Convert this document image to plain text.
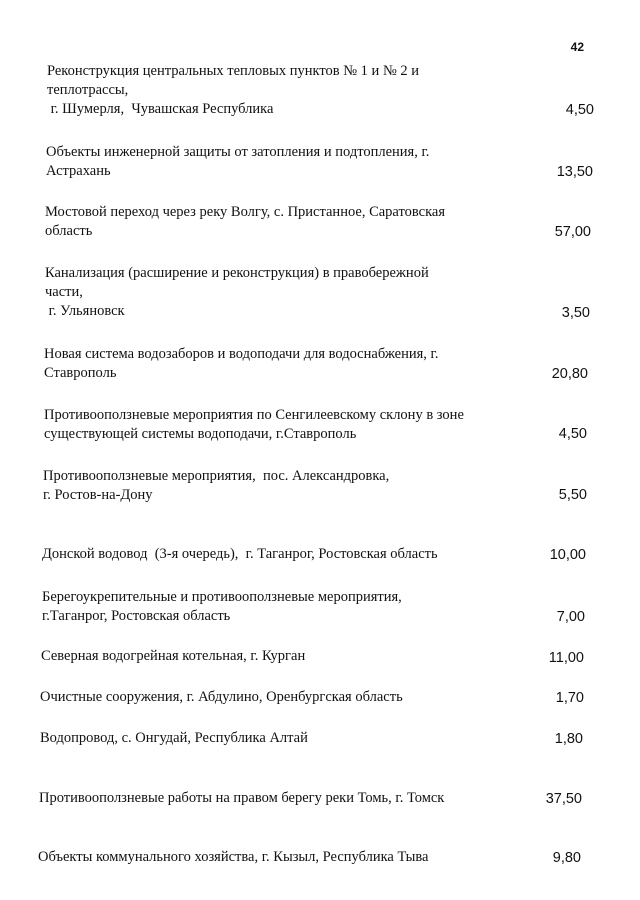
42
Реконструкция центральных тепловых пунктов № 1 и № 2 и
теплотрассы,
г. Шумерля,  Чувашская Республика	4,50
Объекты инженерной защиты от затопления и подтопления, г.
Астрахань	13,50
Мостовой переход через реку Волгу, с. Пристанное, Саратовская
область	57,00
Канализация (расширение и реконструкция) в правобережной
части,
г. Ульяновск	3,50
Новая система водозаборов и водоподачи для водоснабжения, г.
Ставрополь	20,80
Противооползневые мероприятия по Сенгилеевскому склону в зоне
существующей системы водоподачи, г.Ставрополь	4,50
Противооползневые мероприятия,  пос. Александровка,
г. Ростов-на-Дону	5,50
Донской водовод  (3-я очередь),  г. Таганрог, Ростовская область	10,00
Берегоукрепительные и противооползневые мероприятия,
г.Таганрог, Ростовская область	7,00
Северная водогрейная котельная, г. Курган	11,00
Очистные сооружения, г. Абдулино, Оренбургская область	1,70
Водопровод, с. Онгудай, Республика Алтай	1,80
Противооползневые работы на правом берегу реки Томь, г. Томск	37,50
Объекты коммунального хозяйства, г. Кызыл, Республика Тыва	9,80
